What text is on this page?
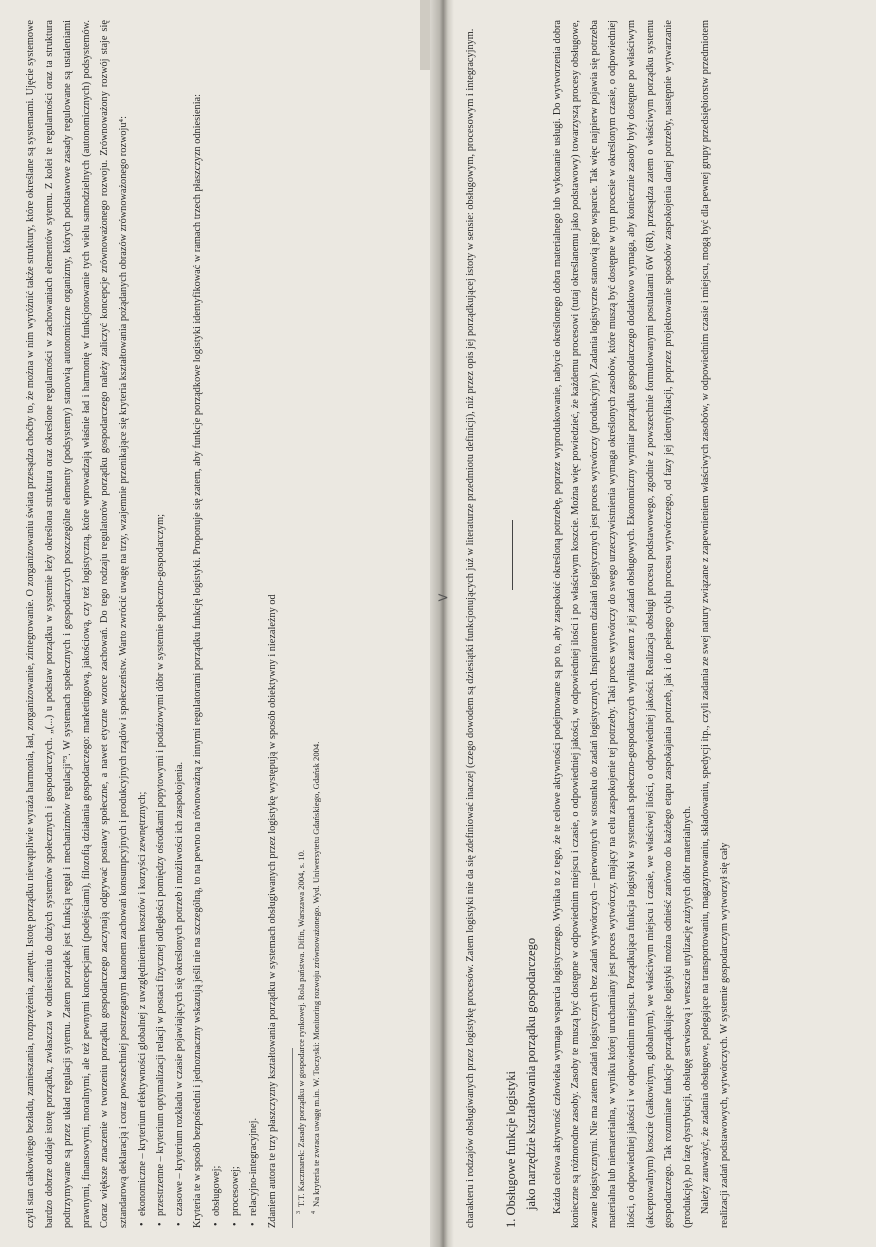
czyli stan całkowitego bezładu, zamieszania, rozprzężenia, zamętu. Istotę porządku niewątpliwie wyraża harmonia, ład, zorganizowanie, zintegrowanie. O zorganizowaniu świata przesądza choćby to, że można w nim wyróżnić także struktury, które określane są systemami. Ujęcie systemowe bardzo dobrze oddaje istotę porządku, zwłaszcza w odniesieniu do dużych systemów społecznych i gospodarczych. „(...) u podstaw porządku w systemie leży określona struktura oraz określone regularności w zachowaniach elementów sytemu. Z kolei te regularności oraz ta struktura podtrzymywane są przez układ regulacji sytemu. Zatem porządek jest funkcją reguł i mechanizmów regulacji”³. W systemach społecznych i gospodarczych poszczególne elementy (podsystemy) stanowią autonomiczne organizmy, których podstawowe zasady regulowane są ustaleniami prawnymi, finansowymi, moralnymi, ale też pewnymi koncepcjami (podejściami), filozofią działania gospodarczego: marketingową, jakościową, czy też logistyczną, które wprowadzają właśnie ład i harmonię w funkcjonowanie tych wielu samodzielnych (autonomicznych) podsystemów. Coraz większe znaczenie w tworzeniu porządku gospodarczego zaczynają odgrywać postawy społeczne, a nawet etyczne wzorce zachowań. Do tego rodzaju regulatorów porządku gospodarczego należy zaliczyć koncepcje zrównoważonego rozwoju. Zrównoważony rozwój staje się sztandarową deklaracją i coraz powszechniej postrzeganym kanonem zachowań konsumpcyjnych i produkcyjnych rządów i społeczeństw. Warto zwrócić uwagę na trzy, wzajemnie przenikające się kryteria kształtowania pożądanych obrazów zrównoważonego rozwoju⁴: •ekonomiczne – kryterium efektywności globalnej z uwzględnieniem kosztów i korzyści zewnętrznych;
•przestrzenne – kryterium optymalizacji relacji w postaci fizycznej odległości pomiędzy ośrodkami popytowymi i podażowymi dóbr w systemie społeczno-gospodarczym;
•czasowe – kryterium rozkładu w czasie pojawiających się określonych potrzeb i możliwości ich zaspokojenia. Kryteria te w sposób bezpośredni i jednoznaczny wskazują jeśli nie na szczególną, to na pewno na równoważną z innymi regulatorami porządku funkcję logistyki. Proponuje się zatem, aby funkcje porządkowe logistyki identyfikować w ramach trzech płaszczyzn odniesienia: •obsługowej;
•procesowej;
•relacyjno-integracyjnej. Zdaniem autora te trzy płaszczyzny kształtowania porządku w systemach obsługiwanych przez logistykę występują w sposób obiektywny i niezależny od	$^3$T.T. Kaczmarek: Zasady porządku w gospodarce rynkowej. Rola państwa. Difin, Warszawa 2004, s. 10.

$^4$Na kryteria te zwraca uwagę m.in. W. Toczyski: Monitoring rozwoju zrównoważonego. Wyd. Uniwersytetu Gdańskiego, Gdańsk 2004.

> charakteru i rodzajów obsługiwanych przez logistykę procesów. Zatem logistyki nie da się zdefiniować inaczej (czego dowodem są dziesiątki funkcjonujących już w literaturze przedmiotu definicji), niż przez opis jej porządkującej istoty w sensie: obsługowym, procesowym i integracyjnym.	1. Obsługowe funkcje logistyki jako narzędzie kształtowania porządku gospodarczego Każda celowa aktywność człowieka wymaga wsparcia logistycznego. Wynika to z tego, że te celowe aktywności podejmowane są po to, aby zaspokoić określoną potrzebę, poprzez wyprodukowanie, nabycie określonego dobra materialnego lub wykonanie usługi. Do wytworzenia dobra konieczne są różnorodne zasoby. Zasoby te muszą być dostępne w odpowiednim miejscu i czasie, o odpowiedniej jakości, w odpowiedniej ilości i po właściwym koszcie. Można więc powiedzieć, że każdemu procesowi (tutaj określanemu jako podstawowy) towarzyszą procesy obsługowe, zwane logistycznymi. Nie ma zatem zadań logistycznych bez zadań wytwórczych – pierwotnych w stosunku do zadań logistycznych. Inspiratorem działań logistycznych jest proces wytwórczy (produkcyjny). Zadania logistyczne stanowią jego wsparcie. Tak więc najpierw pojawia się potrzeba materialna lub niematerialna, w wyniku której uruchamiany jest proces wytwórczy, mający na celu zaspokojenie tej potrzeby. Taki proces wytwórczy do swego urzeczywistnienia wymaga określonych zasobów, które muszą być dostępne w tym procesie w określonym czasie, o odpowiedniej ilości, o odpowiedniej jakości i w odpowiednim miejscu. Porządkująca funkcja logistyki w systemach społeczno-gospodarczych wynika zatem z jej zadań obsługowych. Ekonomiczny wymiar porządku gospodarczego dodatkowo wymaga, aby koniecznie zasoby były dostępne po właściwym (akceptowalnym) koszcie (całkowitym, globalnym), we właściwym miejscu i czasie, we właściwej ilości, o odpowiedniej jakości. Realizacja obsługi procesu podstawowego, zgodnie z powszechnie formułowanymi postulatami 6W (6R), przesądza zatem o właściwym porządku systemu gospodarczego. Tak rozumiane funkcje porządkujące logistyki można odnieść zarówno do każdego etapu zaspokajania potrzeb, jak i do pełnego cyklu procesu wytwórczego, od fazy jej identyfikacji, poprzez projektowanie sposobów zaspokojenia danej potrzeby, następnie wytwarzanie (produkcję), po fazę dystrybucji, obsługę serwisową i wreszcie utylizację zużytych dóbr materialnych. Należy zauważyć, że zadania obsługowe, polegające na transportowaniu, magazynowaniu, składowaniu, spedycji itp., czyli zadania ze swej natury związane z zapewnieniem właściwych zasobów, w odpowiednim czasie i miejscu, mogą być dla pewnej grupy przedsiębiorstw przedmiotem realizacji zadań podstawowych, wytwórczych. W systemie gospodarczym wytworzył się cały
